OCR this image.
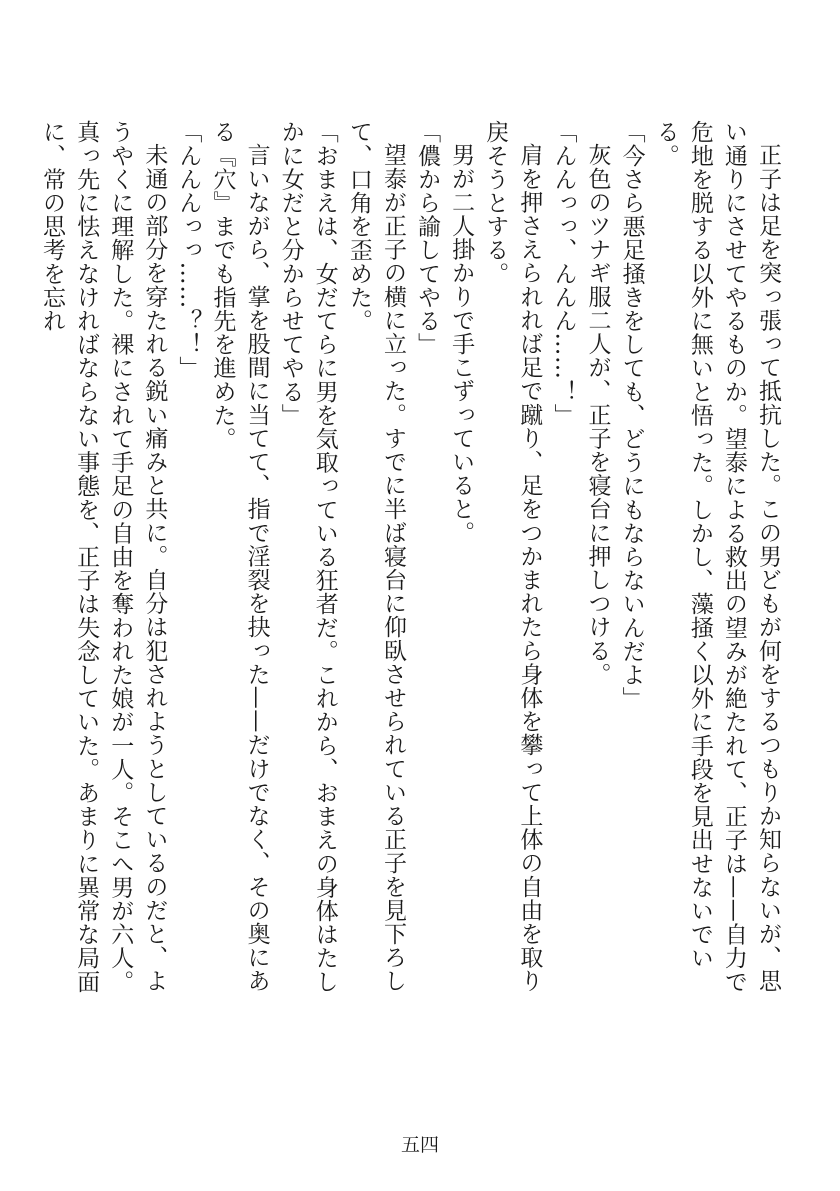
正子は足を突っ張って抵抗した。この男どもが何をするつもりか知らないが、思い通りにさせてやるものか。望泰による救出の望みが絶たれて、正子は——自力で危地を脱する以外に無いと悟った。しかし、藻掻く以外に手段を見出せないでいる。

「今さら悪足掻きをしても、どうにもならないんだよ」

灰色のツナギ服二人が、正子を寝台に押しつける。

「んんっっ、んんん……！」

肩を押さえられれば足で蹴り、足をつかまれたら身体を攀って上体の自由を取り戻そうとする。

男が二人掛かりで手こずっていると。

「儂から諭してやる」

望泰が正子の横に立った。すでに半ば寝台に仰臥させられている正子を見下ろして、口角を歪めた。

「おまえは、女だてらに男を気取っている狂者だ。これから、おまえの身体はたしかに女だと分からせてやる」

言いながら、掌を股間に当てて、指で淫裂を抉った——だけでなく、その奥にある『穴』までも指先を進めた。

「んんんっっ……？！」

未通の部分を穿たれる鋭い痛みと共に。自分は犯されようとしているのだと、ようやくに理解した。裸にされて手足の自由を奪われた娘が一人。そこへ男が六人。真っ先に怯えなければならない事態を、正子は失念していた。あまりに異常な局面に、常の思考を忘れ

五四
